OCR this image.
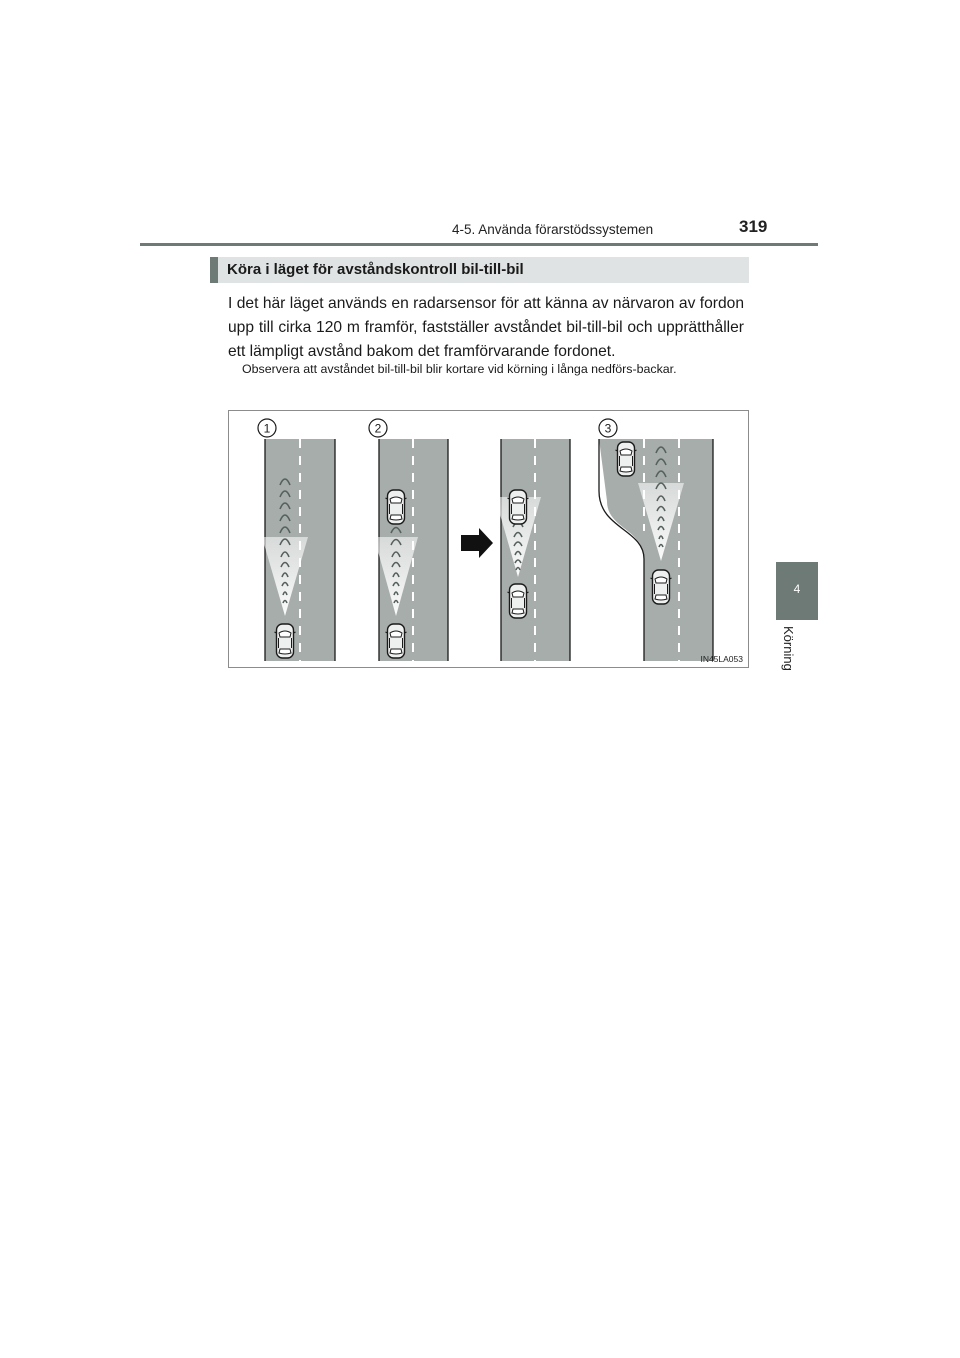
4-5. Använda förarstödssystemen	319
4
Körning
Köra i läget för avståndskontroll bil-till-bil

I det här läget används en radarsensor för att känna av närvaron av fordon upp till cirka 120 m framför, fastställer avståndet bil-till-bil och upprätthåller ett lämpligt avstånd bakom det framförvarande fordonet.

Observera att avståndet bil-till-bil blir kortare vid körning i långa nedförs-backar.

1	2	3
IN45LA053
